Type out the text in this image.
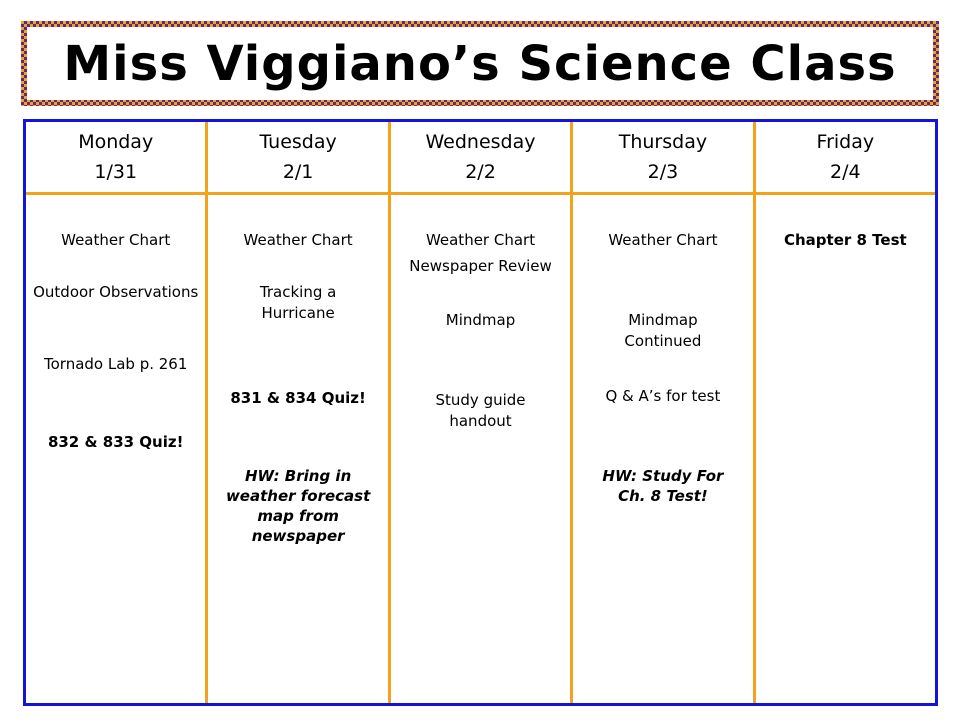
Miss Viggiano’s Science Class
Monday
1/31
Weather Chart
Outdoor Observations
Tornado Lab p. 261
832 & 833 Quiz!
Tuesday
2/1
Weather Chart
Tracking a Hurricane
831 & 834 Quiz!
HW: Bring in weather forecast map from newspaper
Wednesday
2/2
Weather Chart
Newspaper Review
Mindmap
Study guide handout
Thursday
2/3
Weather Chart
Mindmap Continued
Q & A’s for test
HW: Study For Ch. 8 Test!
Friday
2/4
Chapter 8 Test
